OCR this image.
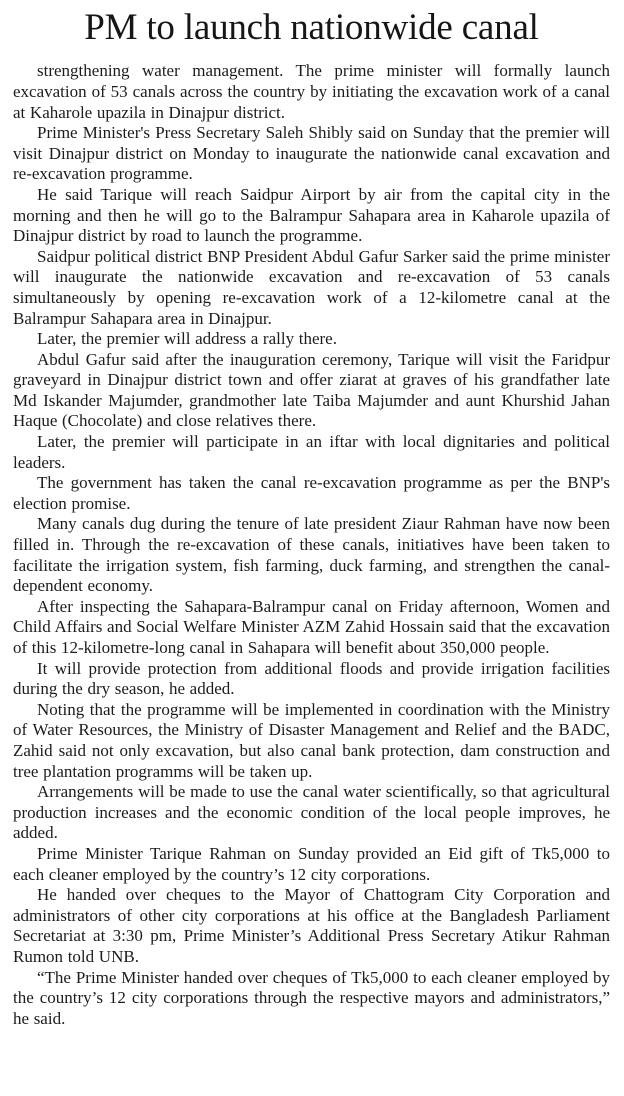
PM to launch nationwide canal

strengthening water management. The prime minister will formally launch excavation of 53 canals across the country by initiating the excavation work of a canal at Kaharole upazila in Dinajpur district.

Prime Minister's Press Secretary Saleh Shibly said on Sunday that the premier will visit Dinajpur district on Monday to inaugurate the nationwide canal excavation and re-excavation programme.

He said Tarique will reach Saidpur Airport by air from the capital city in the morning and then he will go to the Balrampur Sahapara area in Kaharole upazila of Dinajpur district by road to launch the programme.

Saidpur political district BNP President Abdul Gafur Sarker said the prime minister will inaugurate the nationwide excavation and re-excavation of 53 canals simultaneously by opening re-excavation work of a 12-kilometre canal at the Balrampur Sahapara area in Dinajpur.

Later, the premier will address a rally there.

Abdul Gafur said after the inauguration ceremony, Tarique will visit the Faridpur graveyard in Dinajpur district town and offer ziarat at graves of his grandfather late Md Iskander Majumder, grandmother late Taiba Majumder and aunt Khurshid Jahan Haque (Chocolate) and close relatives there.

Later, the premier will participate in an iftar with local dignitaries and political leaders.

The government has taken the canal re-excavation programme as per the BNP's election promise.

Many canals dug during the tenure of late president Ziaur Rahman have now been filled in. Through the re-excavation of these canals, initiatives have been taken to facilitate the irrigation system, fish farming, duck farming, and strengthen the canal-dependent economy.

After inspecting the Sahapara-Balrampur canal on Friday afternoon, Women and Child Affairs and Social Welfare Minister AZM Zahid Hossain said that the excavation of this 12-kilometre-long canal in Sahapara will benefit about 350,000 people.

It will provide protection from additional floods and provide irrigation facilities during the dry season, he added.

Noting that the programme will be implemented in coordination with the Ministry of Water Resources, the Ministry of Disaster Management and Relief and the BADC, Zahid said not only excavation, but also canal bank protection, dam construction and tree plantation programms will be taken up.

Arrangements will be made to use the canal water scientifically, so that agricultural production increases and the economic condition of the local people improves, he added.

Prime Minister Tarique Rahman on Sunday provided an Eid gift of Tk5,000 to each cleaner employed by the country’s 12 city corporations.

He handed over cheques to the Mayor of Chattogram City Corporation and administrators of other city corporations at his office at the Bangladesh Parliament Secretariat at 3:30 pm, Prime Minister’s Additional Press Secretary Atikur Rahman Rumon told UNB.

“The Prime Minister handed over cheques of Tk5,000 to each cleaner employed by the country’s 12 city corporations through the respective mayors and administrators,” he said.
